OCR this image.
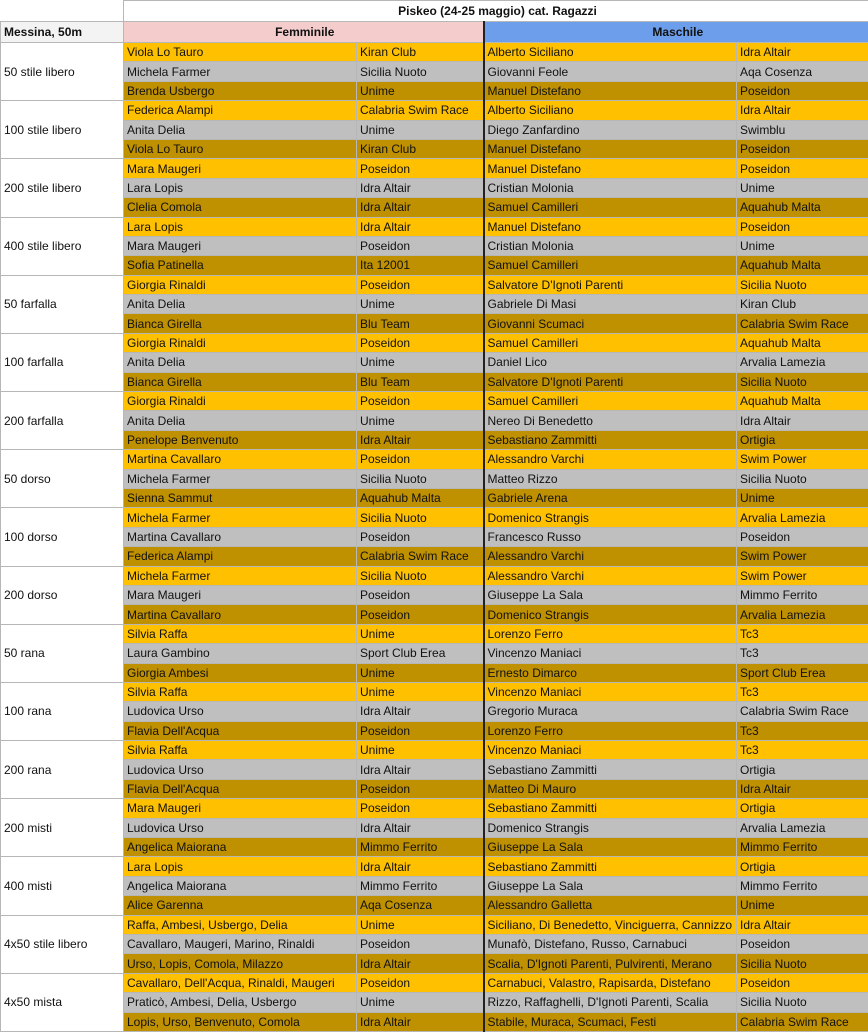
	Piskeo (24-25 maggio) cat. Ragazzi			
Messina, 50m	Femminile		Maschile	
50 stile libero	Viola Lo Tauro	Kiran Club	Alberto Siciliano	Idra Altair
	Michela Farmer	Sicilia Nuoto	Giovanni Feole	Aqa Cosenza
	Brenda Usbergo	Unime	Manuel Distefano	Poseidon
100 stile libero	Federica Alampi	Calabria Swim Race	Alberto Siciliano	Idra Altair
	Anita Delia	Unime	Diego Zanfardino	Swimblu
	Viola Lo Tauro	Kiran Club	Manuel Distefano	Poseidon
200 stile libero	Mara Maugeri	Poseidon	Manuel Distefano	Poseidon
	Lara Lopis	Idra Altair	Cristian Molonia	Unime
	Clelia Comola	Idra Altair	Samuel Camilleri	Aquahub Malta
400 stile libero	Lara Lopis	Idra Altair	Manuel Distefano	Poseidon
	Mara Maugeri	Poseidon	Cristian Molonia	Unime
	Sofia Patinella	Ita 12001	Samuel Camilleri	Aquahub Malta
50 farfalla	Giorgia Rinaldi	Poseidon	Salvatore D'Ignoti Parenti	Sicilia Nuoto
	Anita Delia	Unime	Gabriele Di Masi	Kiran Club
	Bianca Girella	Blu Team	Giovanni Scumaci	Calabria Swim Race
100 farfalla	Giorgia Rinaldi	Poseidon	Samuel Camilleri	Aquahub Malta
	Anita Delia	Unime	Daniel Lico	Arvalia Lamezia
	Bianca Girella	Blu Team	Salvatore D'Ignoti Parenti	Sicilia Nuoto
200 farfalla	Giorgia Rinaldi	Poseidon	Samuel Camilleri	Aquahub Malta
	Anita Delia	Unime	Nereo Di Benedetto	Idra Altair
	Penelope Benvenuto	Idra Altair	Sebastiano Zammitti	Ortigia
50 dorso	Martina Cavallaro	Poseidon	Alessandro Varchi	Swim Power
	Michela Farmer	Sicilia Nuoto	Matteo Rizzo	Sicilia Nuoto
	Sienna Sammut	Aquahub Malta	Gabriele Arena	Unime
100 dorso	Michela Farmer	Sicilia Nuoto	Domenico Strangis	Arvalia Lamezia
	Martina Cavallaro	Poseidon	Francesco Russo	Poseidon
	Federica Alampi	Calabria Swim Race	Alessandro Varchi	Swim Power
200 dorso	Michela Farmer	Sicilia Nuoto	Alessandro Varchi	Swim Power
	Mara Maugeri	Poseidon	Giuseppe La Sala	Mimmo Ferrito
	Martina Cavallaro	Poseidon	Domenico Strangis	Arvalia Lamezia
50 rana	Silvia Raffa	Unime	Lorenzo Ferro	Tc3
	Laura Gambino	Sport Club Erea	Vincenzo Maniaci	Tc3
	Giorgia Ambesi	Unime	Ernesto Dimarco	Sport Club Erea
100 rana	Silvia Raffa	Unime	Vincenzo Maniaci	Tc3
	Ludovica Urso	Idra Altair	Gregorio Muraca	Calabria Swim Race
	Flavia Dell'Acqua	Poseidon	Lorenzo Ferro	Tc3
200 rana	Silvia Raffa	Unime	Vincenzo Maniaci	Tc3
	Ludovica Urso	Idra Altair	Sebastiano Zammitti	Ortigia
	Flavia Dell'Acqua	Poseidon	Matteo Di Mauro	Idra Altair
200 misti	Mara Maugeri	Poseidon	Sebastiano Zammitti	Ortigia
	Ludovica Urso	Idra Altair	Domenico Strangis	Arvalia Lamezia
	Angelica Maiorana	Mimmo Ferrito	Giuseppe La Sala	Mimmo Ferrito
400 misti	Lara Lopis	Idra Altair	Sebastiano Zammitti	Ortigia
	Angelica Maiorana	Mimmo Ferrito	Giuseppe La Sala	Mimmo Ferrito
	Alice Garenna	Aqa Cosenza	Alessandro Galletta	Unime
4x50 stile libero	Raffa, Ambesi, Usbergo, Delia	Unime	Siciliano, Di Benedetto, Vinciguerra, Cannizzo	Idra Altair
	Cavallaro, Maugeri, Marino, Rinaldi	Poseidon	Munafò, Distefano, Russo, Carnabuci	Poseidon
	Urso, Lopis, Comola, Milazzo	Idra Altair	Scalia, D'Ignoti Parenti, Pulvirenti, Merano	Sicilia Nuoto
4x50 mista	Cavallaro, Dell'Acqua, Rinaldi, Maugeri	Poseidon	Carnabuci, Valastro, Rapisarda, Distefano	Poseidon
	Praticò, Ambesi, Delia, Usbergo	Unime	Rizzo, Raffaghelli, D'Ignoti Parenti, Scalia	Sicilia Nuoto
	Lopis, Urso, Benvenuto, Comola	Idra Altair	Stabile, Muraca, Scumaci, Festi	Calabria Swim Race
